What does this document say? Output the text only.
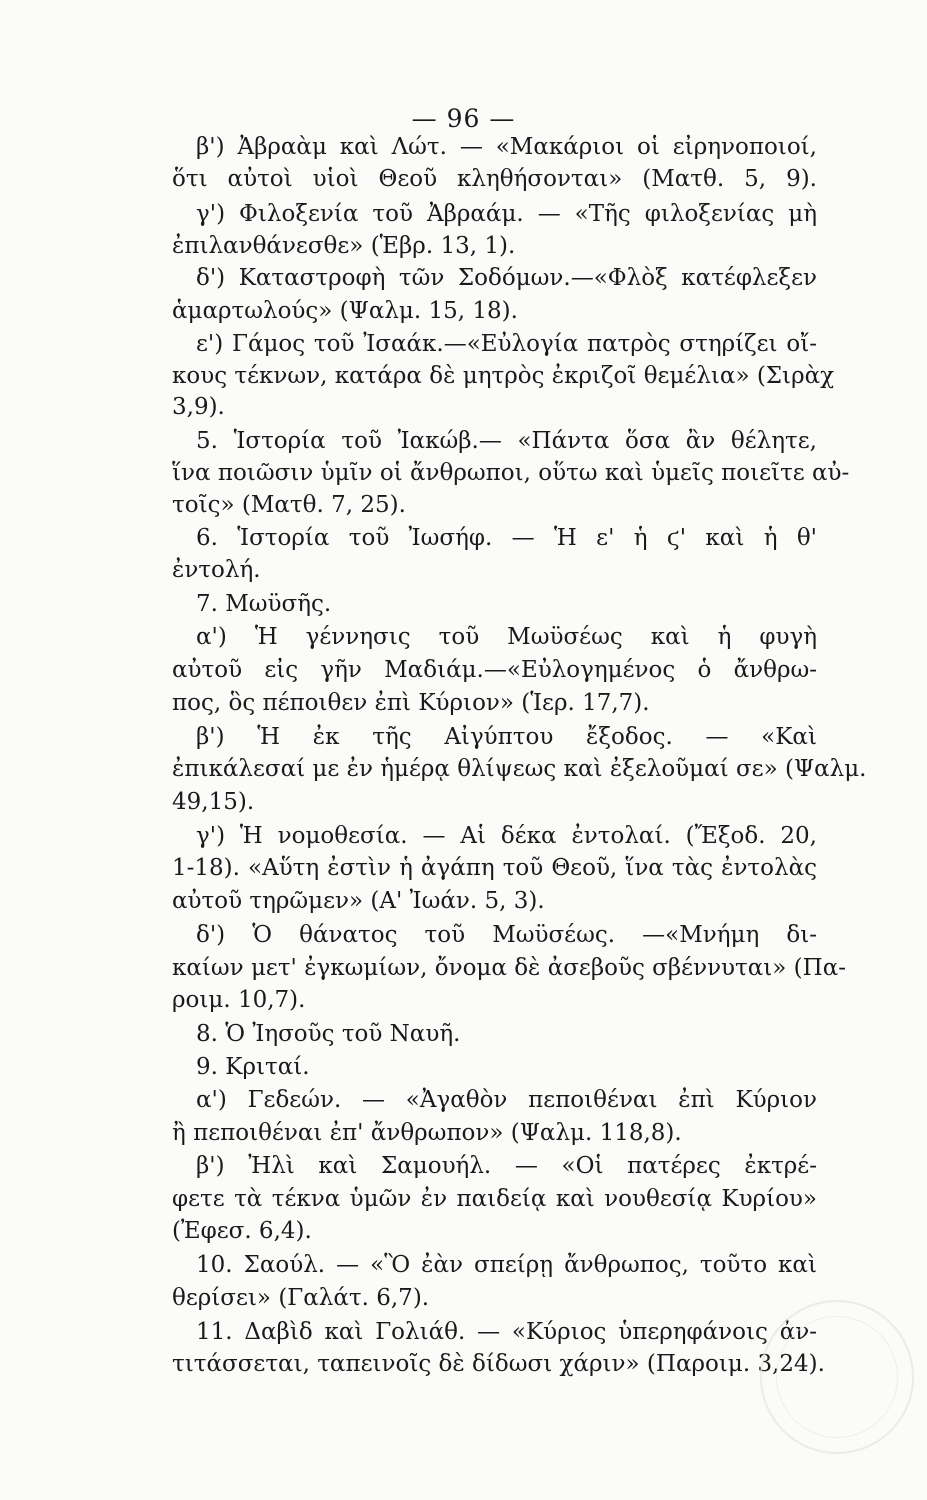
— 96 —
β') Ἀβραὰμ καὶ Λώτ. — «Μακάριοι οἱ εἰρηνοποιοί,
ὅτι αὐτοὶ υἱοὶ Θεοῦ κληθήσονται» (Ματθ. 5, 9).
γ') Φιλοξενία τοῦ Ἀβραάμ. — «Τῆς φιλοξενίας μὴ
ἐπιλανθάνεσθε» (Ἑβρ. 13, 1).
δ') Καταστροφὴ τῶν Σοδόμων.—«Φλὸξ κατέφλεξεν
ἁμαρτωλούς» (Ψαλμ. 15, 18).
ε') Γάμος τοῦ Ἰσαάκ.—«Εὐλογία πατρὸς στηρίζει οἴ-
κους τέκνων, κατάρα δὲ μητρὸς ἐκριζοῖ θεμέλια» (Σιρὰχ
3,9).
5. Ἱστορία τοῦ Ἰακώβ.— «Πάντα ὅσα ἂν θέλητε,
ἵνα ποιῶσιν ὑμῖν οἱ ἄνθρωποι, οὕτω καὶ ὑμεῖς ποιεῖτε αὐ-
τοῖς» (Ματθ. 7, 25).
6. Ἱστορία τοῦ Ἰωσήφ. — Ἡ ε' ἡ ϛ' καὶ ἡ θ'
ἐντολή.
7. Μωϋσῆς.
α') Ἡ γέννησις τοῦ Μωϋσέως καὶ ἡ φυγὴ
αὐτοῦ εἰς γῆν Μαδιάμ.—«Εὐλογημένος ὁ ἄνθρω-
πος, ὃς πέποιθεν ἐπὶ Κύριον» (Ἱερ. 17,7).
β') Ἡ ἐκ τῆς Αἰγύπτου ἔξοδος. — «Καὶ
ἐπικάλεσαί με ἐν ἡμέρᾳ θλίψεως καὶ ἐξελοῦμαί σε» (Ψαλμ.
49,15).
γ') Ἡ νομοθεσία. — Αἱ δέκα ἐντολαί. (Ἔξοδ. 20,
1-18). «Αὕτη ἐστὶν ἡ ἀγάπη τοῦ Θεοῦ, ἵνα τὰς ἐντολὰς
αὐτοῦ τηρῶμεν» (Α' Ἰωάν. 5, 3).
δ') Ὁ θάνατος τοῦ Μωϋσέως. —«Μνήμη δι-
καίων μετ' ἐγκωμίων, ὄνομα δὲ ἀσεβοῦς σβέννυται» (Πα-
ροιμ. 10,7).
8. Ὁ Ἰησοῦς τοῦ Ναυῆ.
9. Κριταί.
α') Γεδεών. — «Ἀγαθὸν πεποιθέναι ἐπὶ Κύριον
ἢ πεποιθέναι ἐπ' ἄνθρωπον» (Ψαλμ. 118,8).
β') Ἠλὶ καὶ Σαμουήλ. — «Οἱ πατέρες ἐκτρέ-
φετε τὰ τέκνα ὑμῶν ἐν παιδείᾳ καὶ νουθεσίᾳ Κυρίου»
(Ἐφεσ. 6,4).
10. Σαούλ. — «Ὃ ἐὰν σπείρῃ ἄνθρωπος, τοῦτο καὶ
θερίσει» (Γαλάτ. 6,7).
11. Δαβὶδ καὶ Γολιάθ. — «Κύριος ὑπερηφάνοις ἀν-
τιτάσσεται, ταπεινοῖς δὲ δίδωσι χάριν» (Παροιμ. 3,24).
